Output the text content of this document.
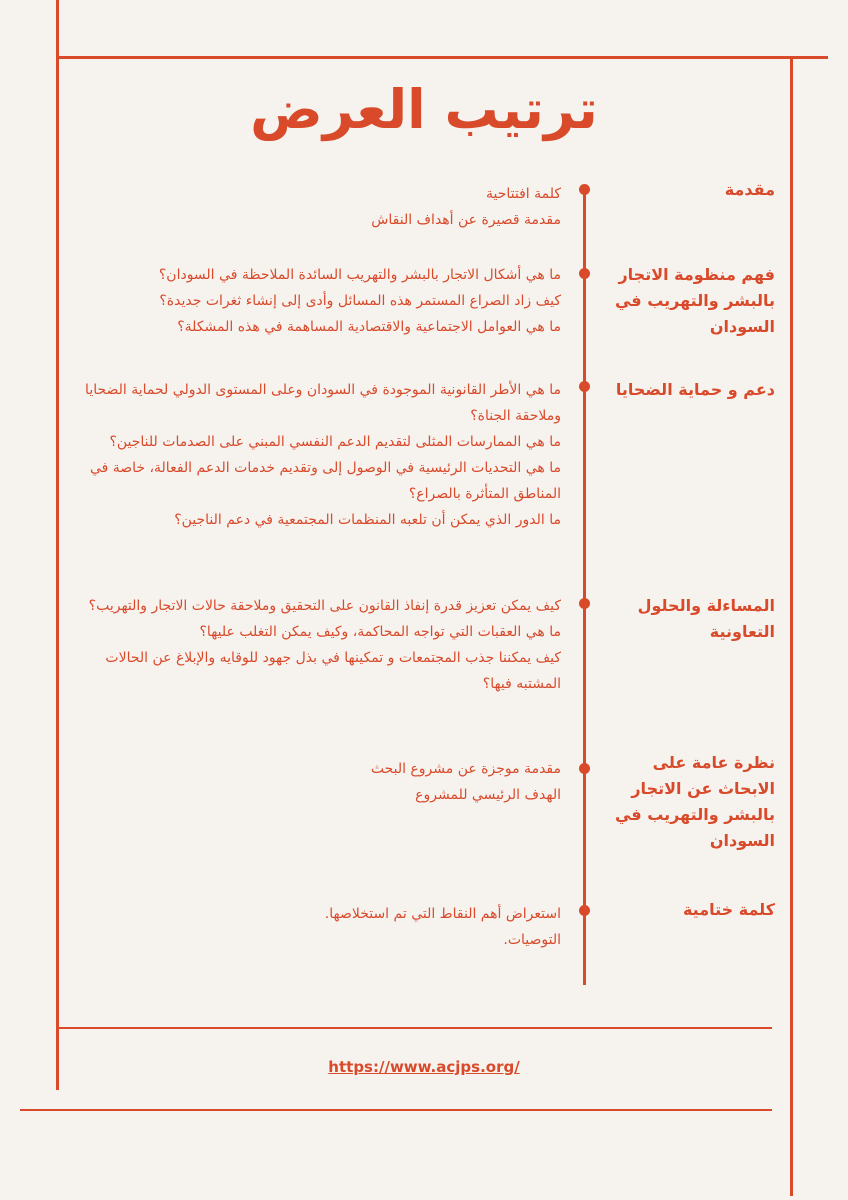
ترتيب العرض
مقدمة
كلمة افتتاحية
مقدمة قصيرة عن أهداف النقاش
فهم منظومة الاتجار بالبشر والتهريب في السودان
ما هي أشكال الاتجار بالبشر والتهريب السائدة الملاحظة في السودان؟
كيف زاد الصراع المستمر هذه المسائل وأدى إلى إنشاء ثغرات جديدة؟
ما هي العوامل الاجتماعية والاقتصادية المساهمة في هذه المشكلة؟
دعم و حماية الضحايا
ما هي الأطر القانونية الموجودة في السودان وعلى المستوى الدولي لحماية الضحايا وملاحقة الجناة؟
ما هي الممارسات المثلى لتقديم الدعم النفسي المبني على الصدمات للناجين؟
ما هي التحديات الرئيسية في الوصول إلى وتقديم خدمات الدعم الفعالة، خاصة في المناطق المتأثرة بالصراع؟
ما الدور الذي يمكن أن تلعبه المنظمات المجتمعية في دعم الناجين؟
المساءلة والحلول التعاونية
كيف يمكن تعزيز قدرة إنفاذ القانون على التحقيق وملاحقة حالات الاتجار والتهريب؟
ما هي العقبات التي تواجه المحاكمة، وكيف يمكن التغلب عليها؟
كيف يمكننا جذب المجتمعات و تمكينها في بذل جهود للوقايه والإبلاغ عن الحالات المشتبه فيها؟
نظرة عامة على الابحاث عن الاتجار بالبشر والتهريب في السودان
مقدمة موجزة عن مشروع البحث
الهدف الرئيسي للمشروع
كلمة ختامية
استعراض أهم النقاط التي تم استخلاصها.
التوصيات.
https://www.acjps.org/
